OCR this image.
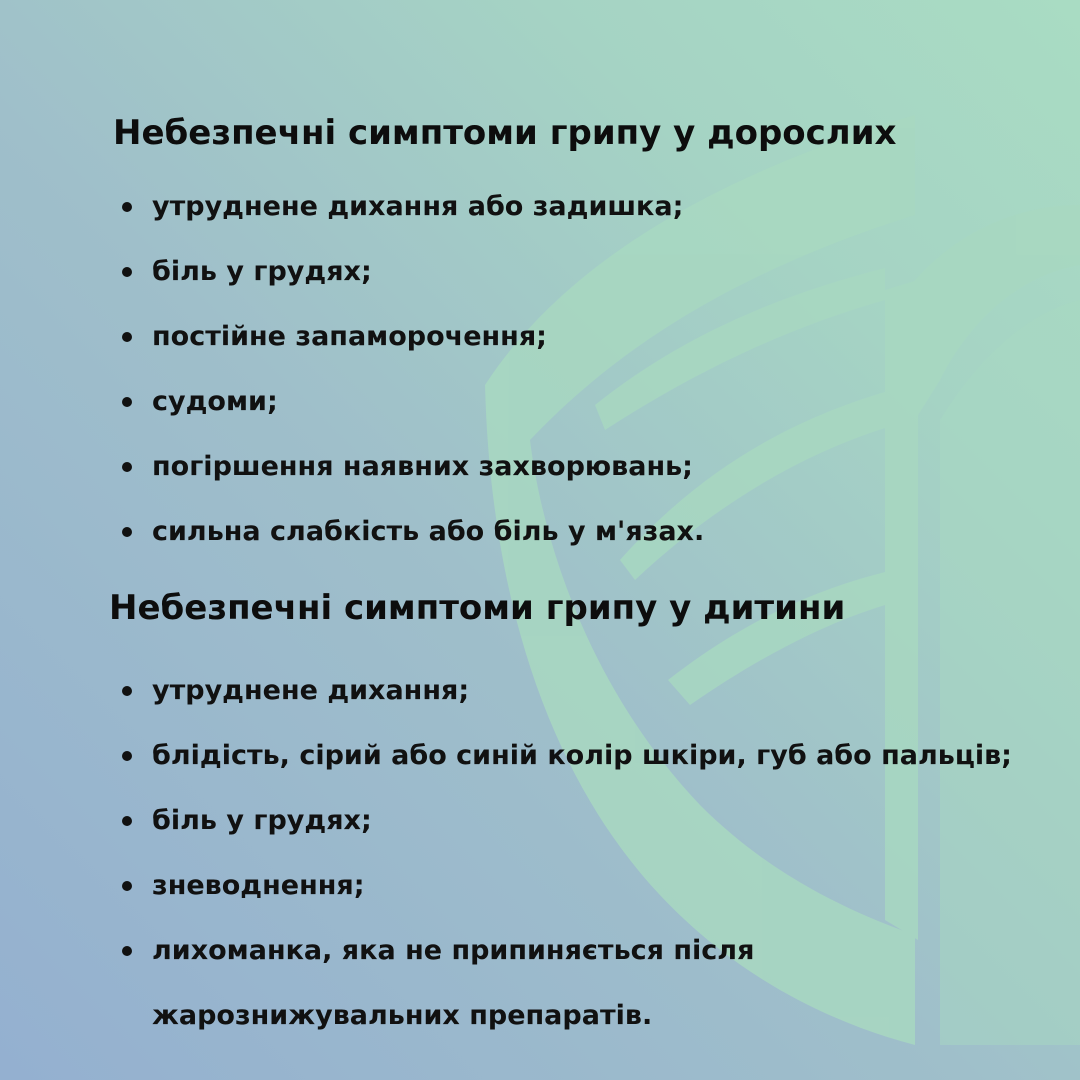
Небезпечні симптоми грипу у дорослих
утруднене дихання або задишка;
біль у грудях;
постійне запаморочення;
судоми;
погіршення наявних захворювань;
сильна слабкість або біль у м'язах.
Небезпечні симптоми грипу у дитини
утруднене дихання;
блідість, сірий або синій колір шкіри, губ або пальців;
біль у грудях;
зневоднення;
лихоманка, яка не припиняється після
жарознижувальних препаратів.
